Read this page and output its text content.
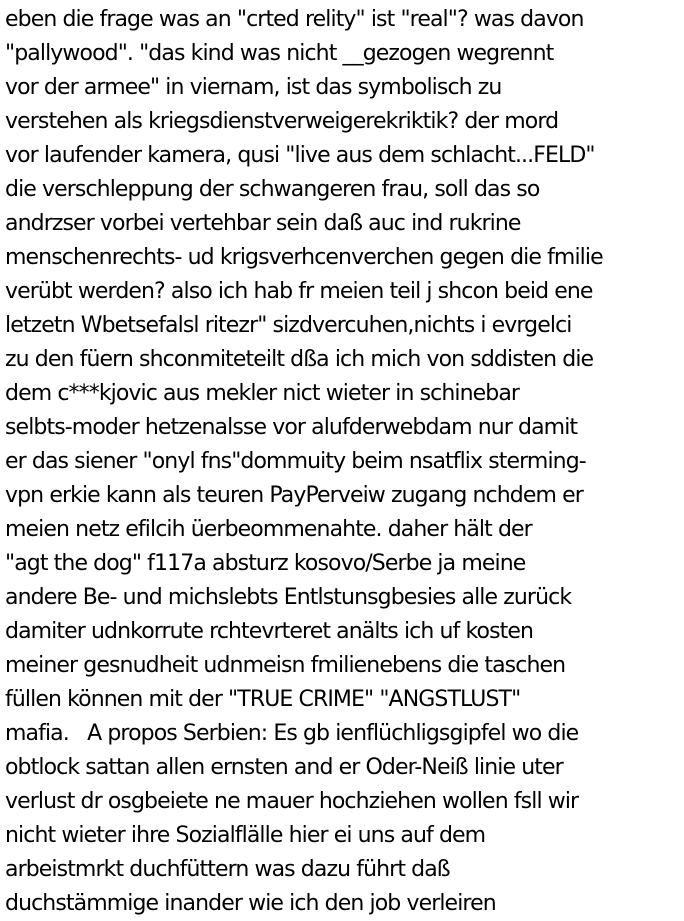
eben die frage was an "crted relity" ist "real"? was davon
"pallywood". "das kind was nicht __gezogen wegrennt
vor der armee" in viernam, ist das symbolisch zu
verstehen als kriegsdienstverweigerekriktik? der mord
vor laufender kamera, qusi "live aus dem schlacht...FELD"
die verschleppung der schwangeren frau, soll das so
andrzser vorbei vertehbar sein daß auc ind rukrine
menschenrechts- ud krigsverhcenverchen gegen die fmilie
verübt werden? also ich hab fr meien teil j shcon beid ene
letzetn Wbetsefalsl ritezr" sizdvercuhen,nichts i evrgelci
zu den füern shconmiteteilt dßa ich mich von sddisten die
dem c***kjovic aus mekler nict wieter in schinebar
selbts-moder hetzenalsse vor alufderwebdam nur damit
er das siener "onyl fns"dommuity beim nsatflix sterming-
vpn erkie kann als teuren PayPerveiw zugang nchdem er
meien netz efilcih üerbeommenahte. daher hält der
"agt the dog" f117a absturz kosovo/Serbe ja meine
andere Be- und michslebts Entlstunsgbesies alle zurück
damiter udnkorrute rchtevrteret anälts ich uf kosten
meiner gesnudheit udnmeisn fmilienebens die taschen
füllen können mit der "TRUE CRIME" "ANGSTLUST"
mafia.   A propos Serbien: Es gb ienflüchligsgipfel wo die
obtlock sattan allen ernsten and er Oder-Neiß linie uter
verlust dr osgbeiete ne mauer hochziehen wollen fsll wir
nicht wieter ihre Sozialflälle hier ei uns auf dem
arbeistmrkt duchfüttern was dazu führt daß
duchstämmige inander wie ich den job verleiren
